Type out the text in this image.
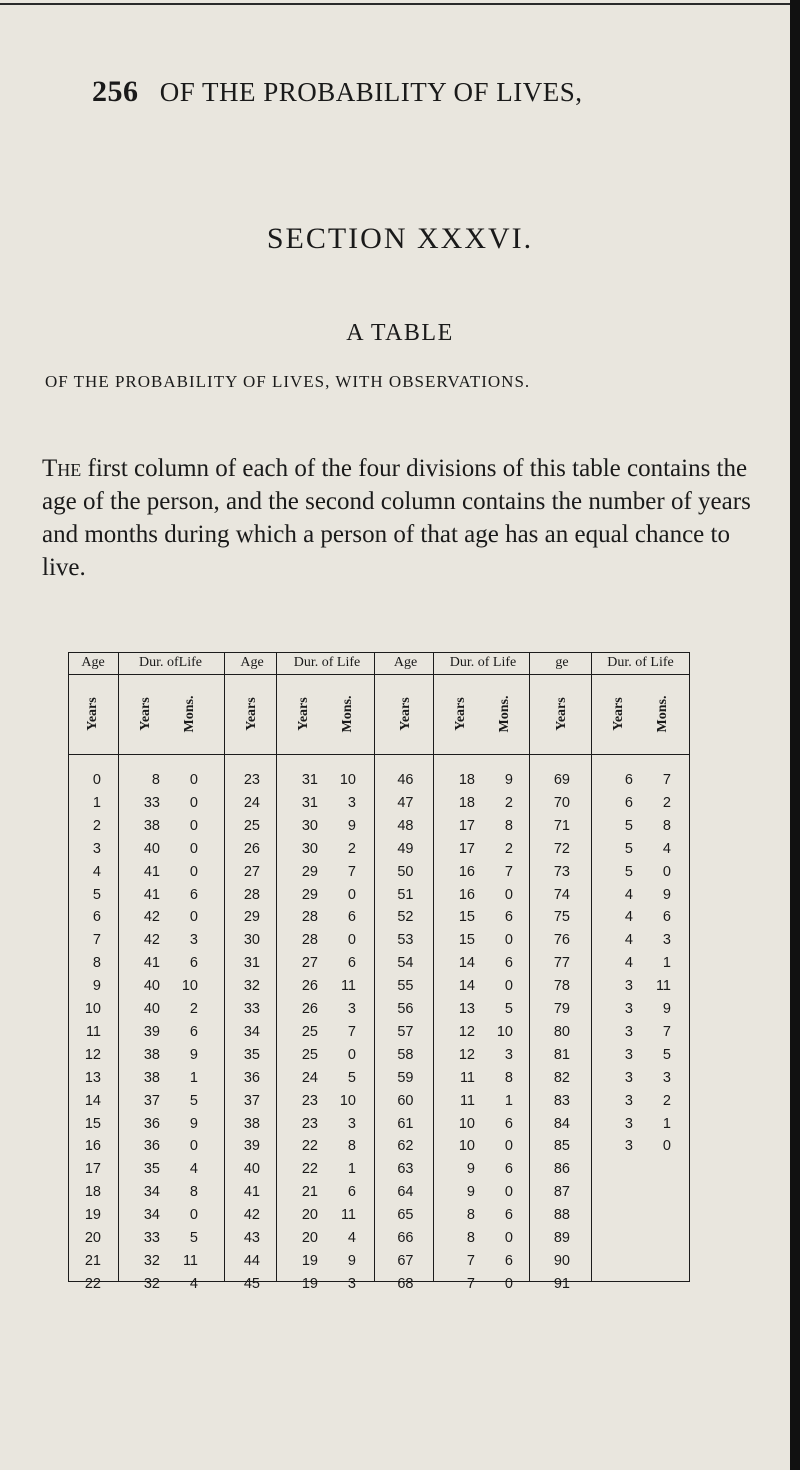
256 OF THE PROBABILITY OF LIVES,
SECTION XXXVI.
A TABLE
OF THE PROBABILITY OF LIVES, WITH OBSERVATIONS.
The first column of each of the four divisions of this table contains the age of the person, and the second column contains the number of years and months during which a person of that age has an equal chance to live.
Age	Dur. ofLife
Years	Years Mons.
0	8	0
1	33	0
2	38	0
3	40	0
4	41	0
5	41	6
6	42	0
7	42	3
8	41	6
9	40	10
10	40	2
11	39	6
12	38	9
13	38	1
14	37	5
15	36	9
16	36	0
17	35	4
18	34	8
19	34	0
20	33	5
21	32	11
22	32	4
Age	Dur. of Life
Years	Years Mons.
23	31	10
24	31	3
25	30	9
26	30	2
27	29	7
28	29	0
29	28	6
30	28	0
31	27	6
32	26	11
33	26	3
34	25	7
35	25	0
36	24	5
37	23	10
38	23	3
39	22	8
40	22	1
41	21	6
42	20	11
43	20	4
44	19	9
45	19	3
Age	Dur. of Life
Years	Years Mons.
46	18	9
47	18	2
48	17	8
49	17	2
50	16	7
51	16	0
52	15	6
53	15	0
54	14	6
55	14	0
56	13	5
57	12	10
58	12	3
59	11	8
60	11	1
61	10	6
62	10	0
63	9	6
64	9	0
65	8	6
66	8	0
67	7	6
68	7	0
ge	Dur. of Life
Years	Years Mons.
69	6	7
70	6	2
71	5	8
72	5	4
73	5	0
74	4	9
75	4	6
76	4	3
77	4	1
78	3	11
79	3	9
80	3	7
81	3	5
82	3	3
83	3	2
84	3	1
85	3	0
86
87
88
89
90
91
